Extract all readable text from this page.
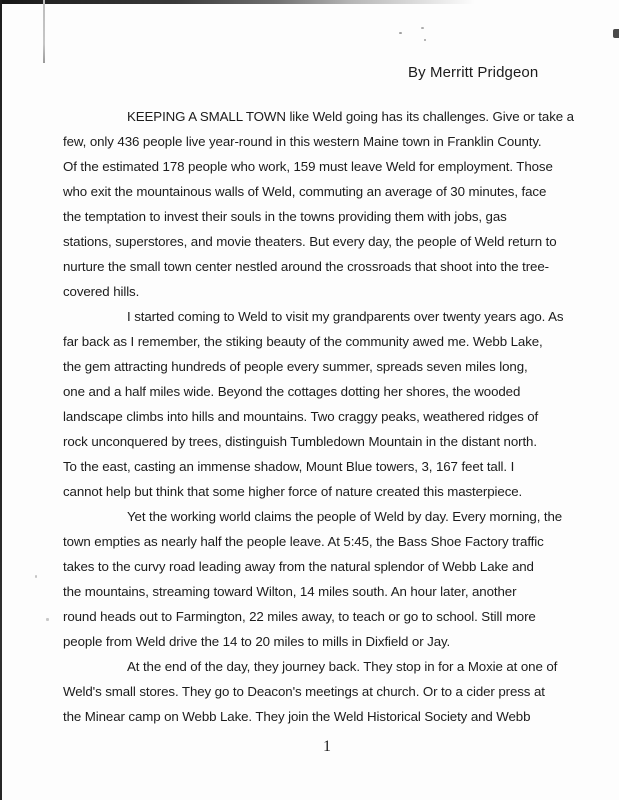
By Merritt Pridgeon
KEEPING A SMALL TOWN like Weld going has its challenges. Give or take a
few, only 436 people live year-round in this western Maine town in Franklin County.
Of the estimated 178 people who work, 159 must leave Weld for employment. Those
who exit the mountainous walls of Weld, commuting an average of 30 minutes, face
the temptation to invest their souls in the towns providing them with jobs, gas
stations, superstores, and movie theaters. But every day, the people of Weld return to
nurture the small town center nestled around the crossroads that shoot into the tree-
covered hills.
I started coming to Weld to visit my grandparents over twenty years ago. As
far back as I remember, the stiking beauty of the community awed me. Webb Lake,
the gem attracting hundreds of people every summer, spreads seven miles long,
one and a half miles wide. Beyond the cottages dotting her shores, the wooded
landscape climbs into hills and mountains. Two craggy peaks, weathered ridges of
rock unconquered by trees, distinguish Tumbledown Mountain in the distant north.
To the east, casting an immense shadow, Mount Blue towers, 3, 167 feet tall. I
cannot help but think that some higher force of nature created this masterpiece.
Yet the working world claims the people of Weld by day. Every morning, the
town empties as nearly half the people leave. At 5:45, the Bass Shoe Factory traffic
takes to the curvy road leading away from the natural splendor of Webb Lake and
the mountains, streaming toward Wilton, 14 miles south. An hour later, another
round heads out to Farmington, 22 miles away, to teach or go to school. Still more
people from Weld drive the 14 to 20 miles to mills in Dixfield or Jay.
At the end of the day, they journey back. They stop in for a Moxie at one of
Weld's small stores. They go to Deacon's meetings at church. Or to a cider press at
the Minear camp on Webb Lake. They join the Weld Historical Society and Webb
1
